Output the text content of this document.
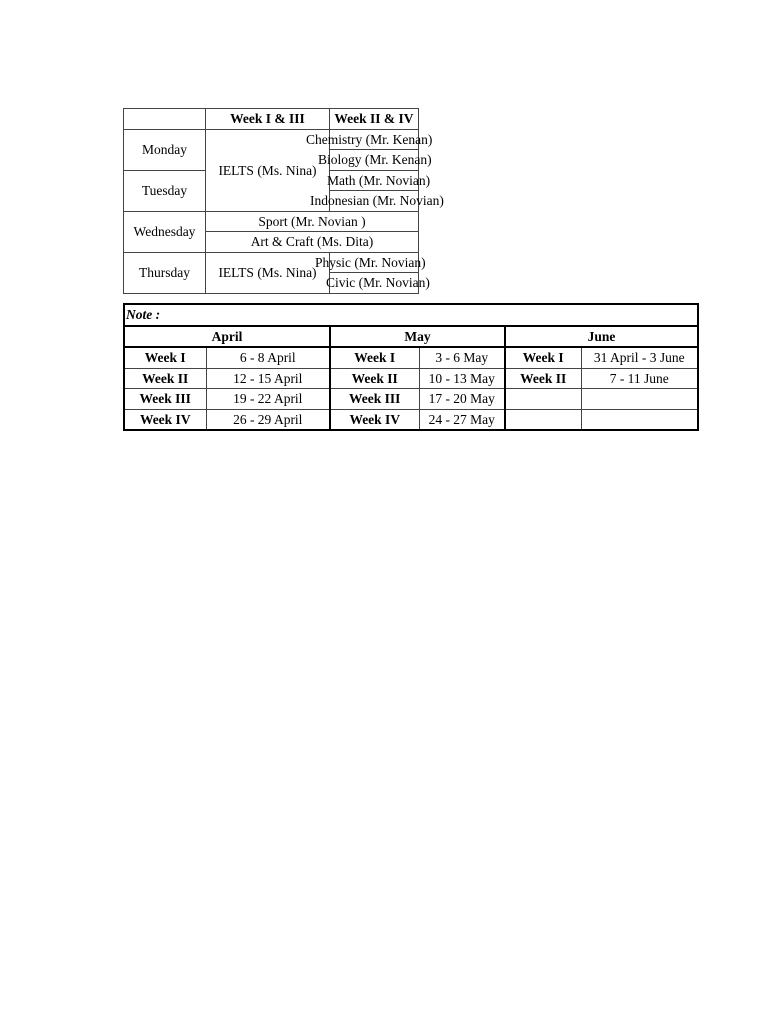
	Week I & III	Week II & IV
Monday	IELTS (Ms. Nina)	Chemistry (Mr. Kenan)

		Biology (Mr. Kenan)

Tuesday		Math (Mr. Novian)

		Indonesian (Mr. Novian)

Wednesday	Sport (Mr. Novian )	
	Art & Craft (Ms. Dita)	
Thursday	IELTS (Ms. Nina)	Physic (Mr. Novian)

		Civic (Mr. Novian)
Note :					
April		May		June	
Week I	6 - 8 April	Week I	3 - 6 May	Week I	31 April - 3 June
Week II	12 - 15 April	Week II	10 - 13 May	Week II	7 - 11 June
Week III	19 - 22 April	Week III	17 - 20 May		
Week IV	26 - 29 April	Week IV	24 - 27 May		
